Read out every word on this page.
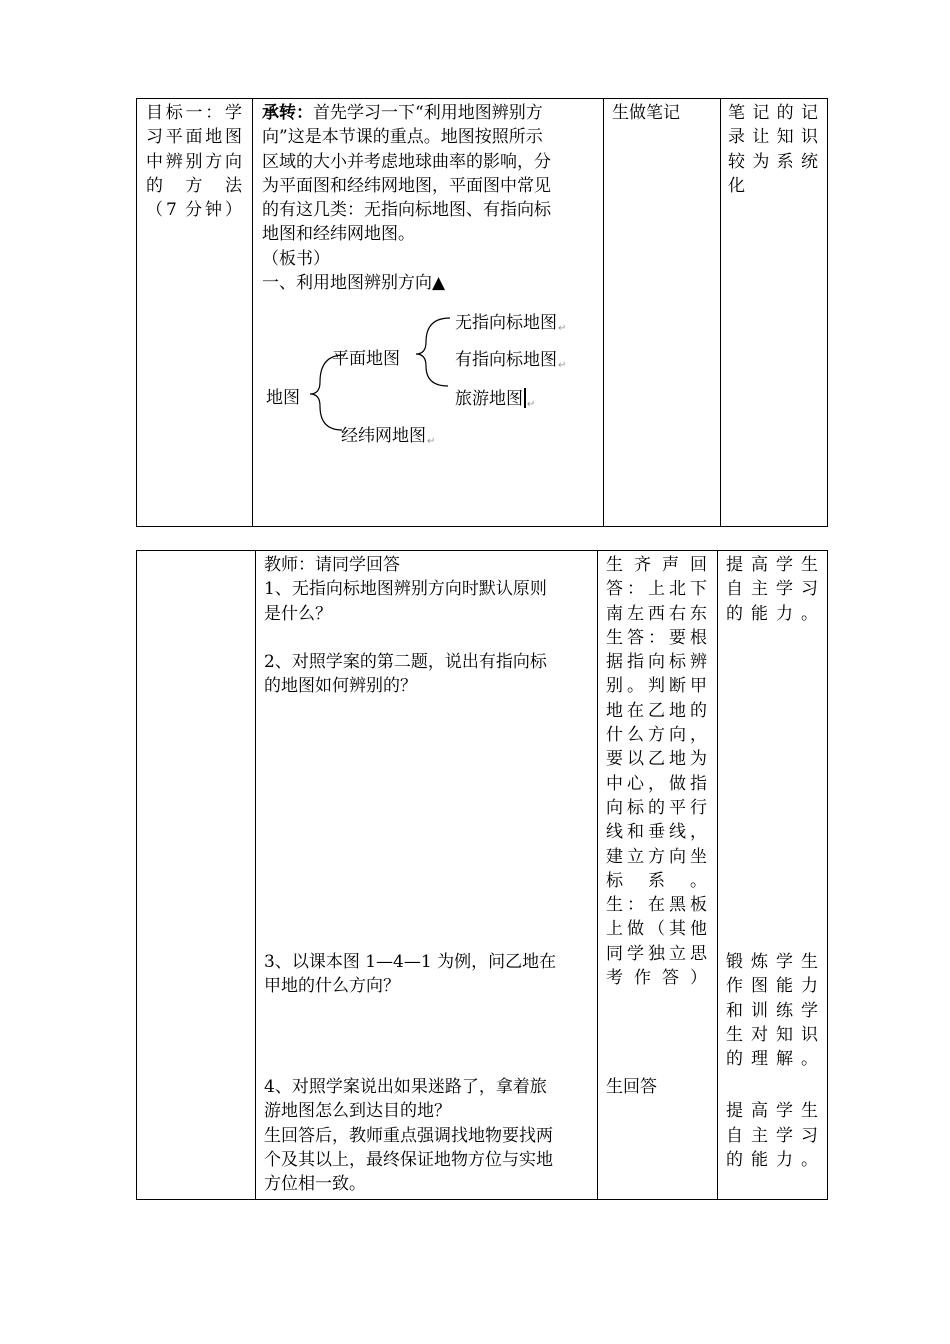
目标一：学
习平面地图
中辨别方向
的方法
（7 分钟）
承转：首先学习一下“利用地图辨别方
向”这是本节课的重点。地图按照所示
区域的大小并考虑地球曲率的影响，分
为平面图和经纬网地图，平面图中常见
的有这几类：无指向标地图、有指向标
地图和经纬网地图。
（板书）
一、利用地图辨别方向▲
生做笔记	笔记的记
录让知识
较为系统
化
地图
平面地图
经纬网地图↵
无指向标地图↵
有指向标地图↵
旅游地图 ↵
教师：请同学回答
1、无指向标地图辨别方向时默认原则
是什么？
2、对照学案的第二题，说出有指向标
的地图如何辨别的？
3、以课本图 1—4—1 为例，问乙地在
甲地的什么方向？
4、对照学案说出如果迷路了，拿着旅
游地图怎么到达目的地？
生回答后，教师重点强调找地物要找两
个及其以上，最终保证地物方位与实地
方位相一致。
生齐声回
答：上北下
南左西右东
生答：要根
据指向标辨
别。判断甲
地在乙地的
什么方向，
要以乙地为
中心，做指
向标的平行
线和垂线，
建立方向坐
标系。
生：在黑板
上做（其他
同学独立思
考作答）
生回答
提高学生
自主学习
的能力。
锻炼学生
作图能力
和训练学
生对知识
的理解。
提高学生
自主学习
的能力。
